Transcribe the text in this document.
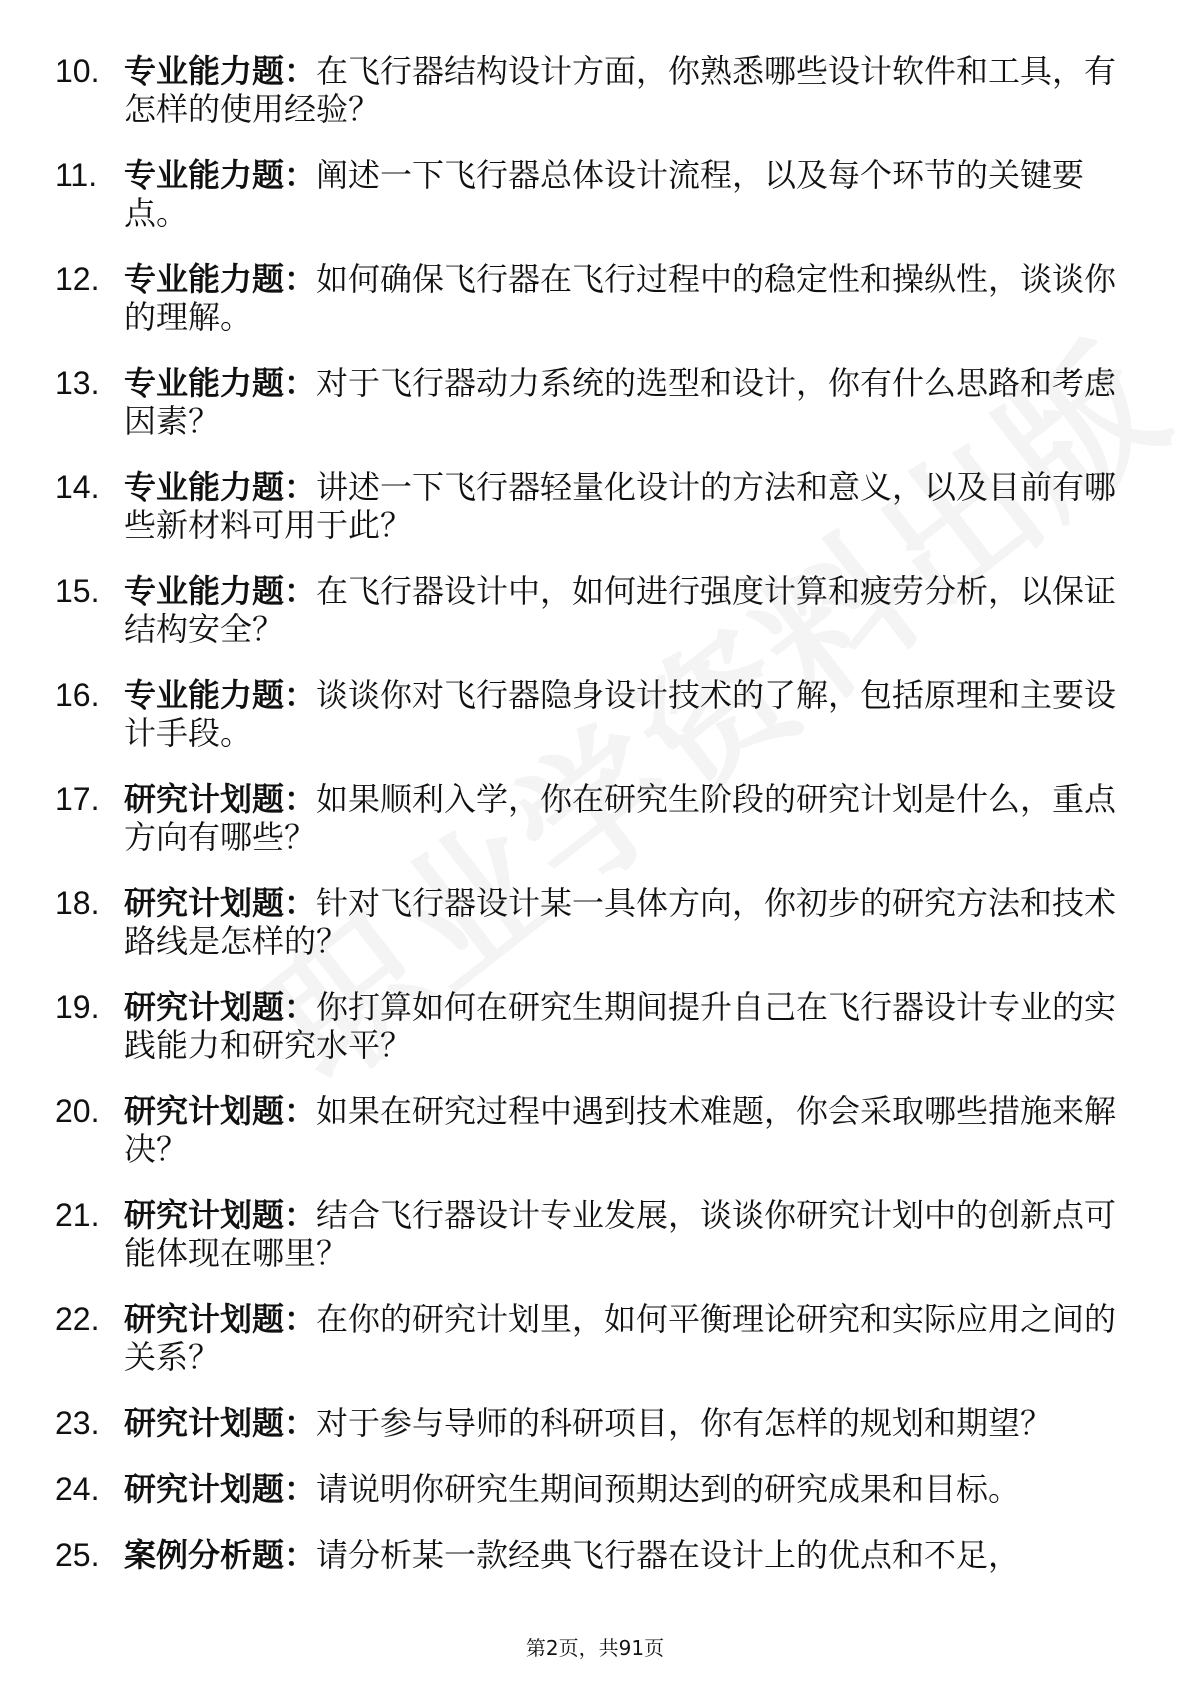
10. 专业能力题：在飞行器结构设计方面，你熟悉哪些设计软件和工具，有怎样的使用经验？
11. 专业能力题：阐述一下飞行器总体设计流程，以及每个环节的关键要点。
12. 专业能力题：如何确保飞行器在飞行过程中的稳定性和操纵性，谈谈你的理解。
13. 专业能力题：对于飞行器动力系统的选型和设计，你有什么思路和考虑因素？
14. 专业能力题：讲述一下飞行器轻量化设计的方法和意义，以及目前有哪些新材料可用于此？
15. 专业能力题：在飞行器设计中，如何进行强度计算和疲劳分析，以保证结构安全？
16. 专业能力题：谈谈你对飞行器隐身设计技术的了解，包括原理和主要设计手段。
17. 研究计划题：如果顺利入学，你在研究生阶段的研究计划是什么，重点方向有哪些？
18. 研究计划题：针对飞行器设计某一具体方向，你初步的研究方法和技术路线是怎样的？
19. 研究计划题：你打算如何在研究生期间提升自己在飞行器设计专业的实践能力和研究水平？
20. 研究计划题：如果在研究过程中遇到技术难题，你会采取哪些措施来解决？
21. 研究计划题：结合飞行器设计专业发展，谈谈你研究计划中的创新点可能体现在哪里？
22. 研究计划题：在你的研究计划里，如何平衡理论研究和实际应用之间的关系？
23. 研究计划题：对于参与导师的科研项目，你有怎样的规划和期望？
24. 研究计划题：请说明你研究生期间预期达到的研究成果和目标。
25. 案例分析题：请分析某一款经典飞行器在设计上的优点和不足，
第2页，共91页
